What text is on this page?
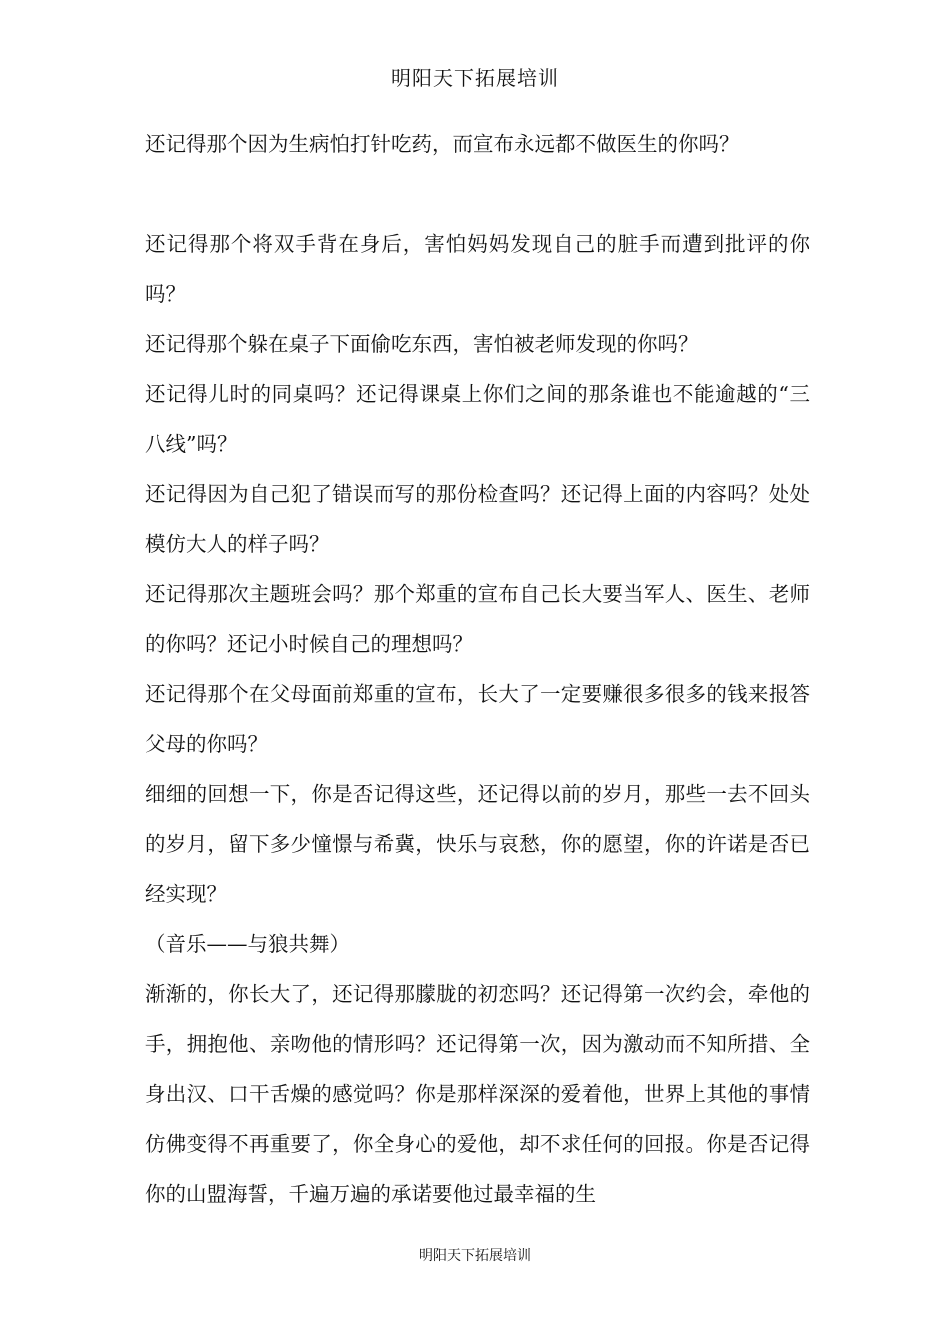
明阳天下拓展培训

还记得那个因为生病怕打针吃药，而宣布永远都不做医生的你吗？

还记得那个将双手背在身后，害怕妈妈发现自己的脏手而遭到批评的你吗？

还记得那个躲在桌子下面偷吃东西，害怕被老师发现的你吗？

还记得儿时的同桌吗？还记得课桌上你们之间的那条谁也不能逾越的“三八线”吗？

还记得因为自己犯了错误而写的那份检查吗？还记得上面的内容吗？处处模仿大人的样子吗？

还记得那次主题班会吗？那个郑重的宣布自己长大要当军人、医生、老师的你吗？还记小时候自己的理想吗？

还记得那个在父母面前郑重的宣布，长大了一定要赚很多很多的钱来报答父母的你吗？

细细的回想一下，你是否记得这些，还记得以前的岁月，那些一去不回头的岁月，留下多少憧憬与希冀，快乐与哀愁，你的愿望，你的许诺是否已经实现？

（音乐——与狼共舞）

渐渐的，你长大了，还记得那朦胧的初恋吗？还记得第一次约会，牵他的手，拥抱他、亲吻他的情形吗？还记得第一次，因为激动而不知所措、全身出汉、口干舌燥的感觉吗？你是那样深深的爱着他，世界上其他的事情仿佛变得不再重要了，你全身心的爱他，却不求任何的回报。你是否记得你的山盟海誓，千遍万遍的承诺要他过最幸福的生

明阳天下拓展培训
